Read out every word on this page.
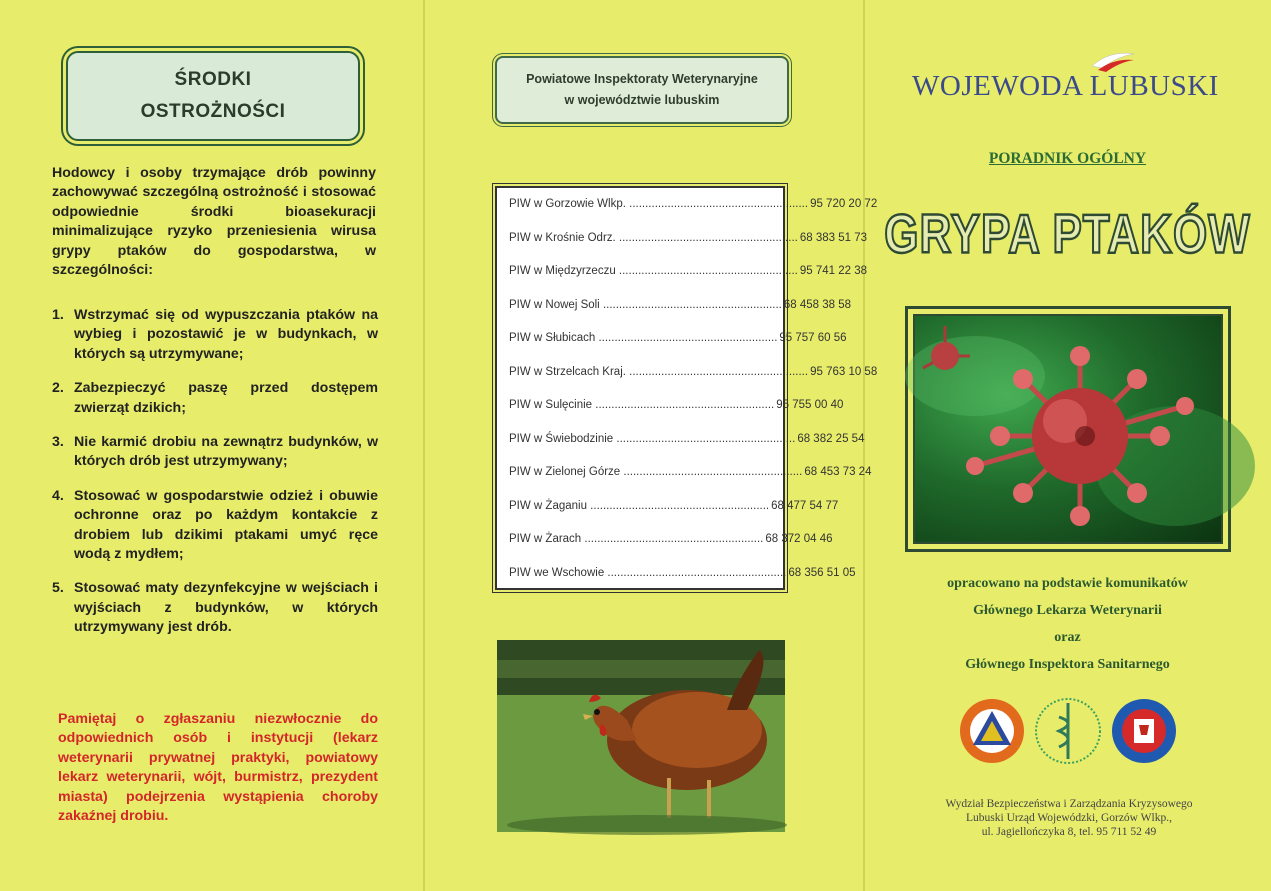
ŚRODKI
OSTROŻNOŚCI
Hodowcy i osoby trzymające drób powinny zachowywać szczególną ostrożność i stosować odpowiednie środki bioasekuracji minimalizujące ryzyko przeniesienia wirusa grypy ptaków do gospodarstwa, w szczególności:
1. Wstrzymać się od wypuszczania ptaków na wybieg i pozostawić je w budynkach, w których są utrzymywane;
2. Zabezpieczyć paszę przed dostępem zwierząt dzikich;
3. Nie karmić drobiu na zewnątrz budynków, w których drób jest utrzymywany;
4. Stosować w gospodarstwie odzież i obuwie ochronne oraz po każdym kontakcie z drobiem lub dzikimi ptakami umyć ręce wodą z mydłem;
5. Stosować maty dezynfekcyjne w wejściach i wyjściach z budynków, w których utrzymywany jest drób.
Pamiętaj o zgłaszaniu niezwłocznie do odpowiednich osób i instytucji (lekarz weterynarii prywatnej praktyki, powiatowy lekarz weterynarii, wójt, burmistrz, prezydent miasta) podejrzenia wystąpienia choroby zakaźnej drobiu.
Powiatowe Inspektoraty Weterynaryjne
w województwie lubuskim
PIW w Gorzowie Wlkp. ........................................................ 95 720 20 72
PIW w Krośnie Odrz. ........................................................ 68 383 51 73
PIW w Międzyrzeczu ........................................................ 95 741 22 38
PIW w Nowej Soli ........................................................ 68 458 38 58
PIW w Słubicach ........................................................ 95 757 60 56
PIW w Strzelcach Kraj. ........................................................ 95 763 10 58
PIW w Sulęcinie ........................................................ 95 755 00 40
PIW w Świebodzinie ........................................................ 68 382 25 54
PIW w Zielonej Górze ........................................................ 68 453 73 24
PIW w Żaganiu ........................................................ 68 477 54 77
PIW w Żarach ........................................................ 68 372 04 46
PIW we Wschowie ........................................................ 68 356 51 05
WOJEWODA LUBUSKI
PORADNIK OGÓLNY
GRYPA PTAKÓW
opracowano na podstawie komunikatów
Głównego Lekarza Weterynarii
oraz
Głównego Inspektora Sanitarnego
Wydział Bezpieczeństwa i Zarządzania Kryzysowego
Lubuski Urząd Wojewódzki, Gorzów Wlkp.,
ul. Jagiellończyka 8, tel. 95 711 52 49
